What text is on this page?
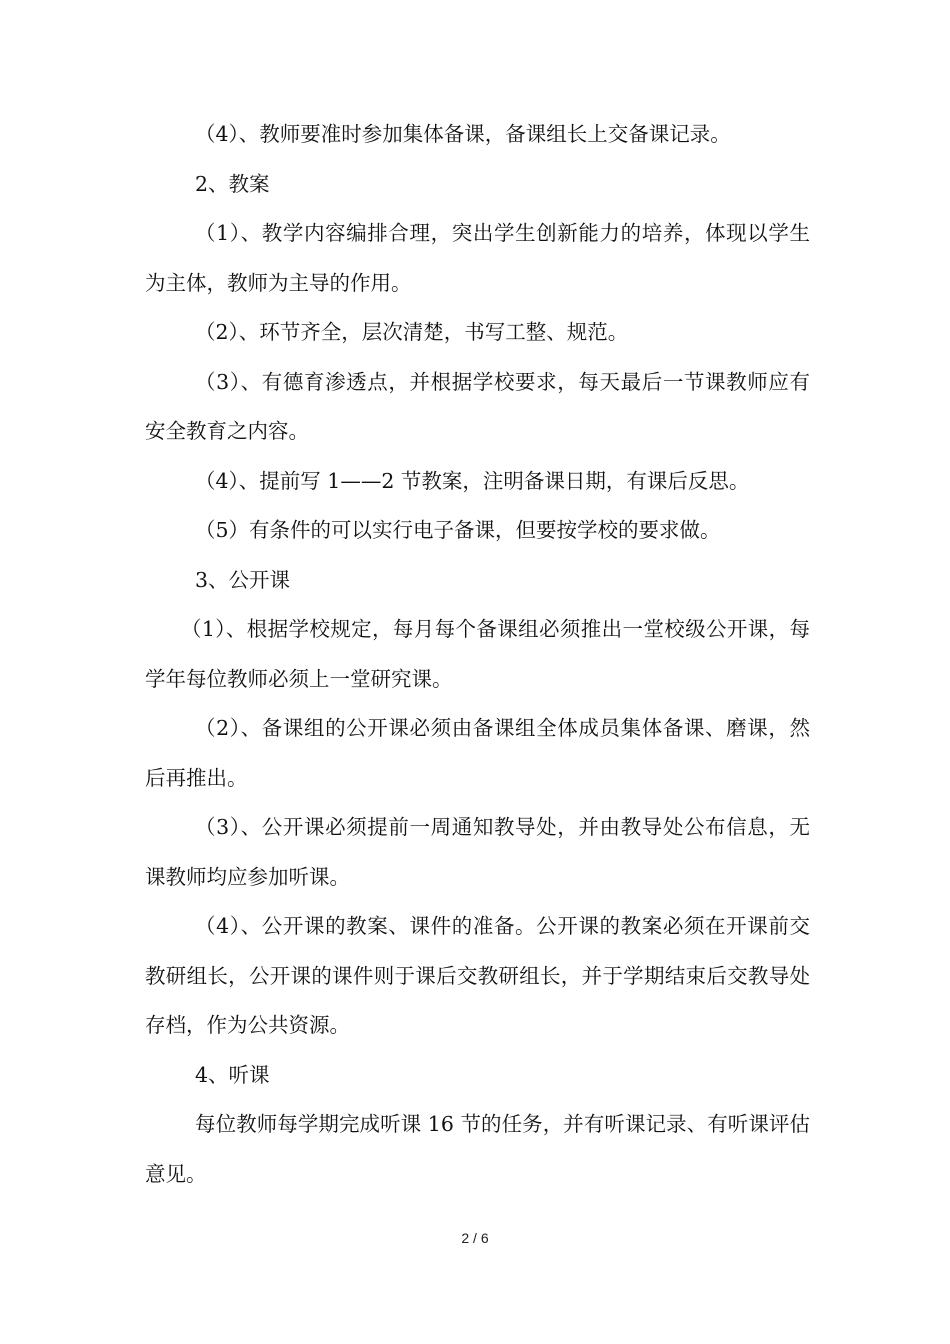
（4）、教师要准时参加集体备课，备课组长上交备课记录。

2、教案

（1）、教学内容编排合理，突出学生创新能力的培养，体现以学生为主体，教师为主导的作用。

（2）、环节齐全，层次清楚，书写工整、规范。

（3）、有德育渗透点，并根据学校要求，每天最后一节课教师应有安全教育之内容。

（4）、提前写 1——2 节教案，注明备课日期，有课后反思。

（5）有条件的可以实行电子备课，但要按学校的要求做。

3、公开课

（1）、根据学校规定，每月每个备课组必须推出一堂校级公开课，每学年每位教师必须上一堂研究课。

（2）、备课组的公开课必须由备课组全体成员集体备课、磨课，然后再推出。

（3）、公开课必须提前一周通知教导处，并由教导处公布信息，无课教师均应参加听课。

（4）、公开课的教案、课件的准备。公开课的教案必须在开课前交教研组长，公开课的课件则于课后交教研组长，并于学期结束后交教导处存档，作为公共资源。

4、听课

每位教师每学期完成听课 16 节的任务，并有听课记录、有听课评估意见。

2 / 6
